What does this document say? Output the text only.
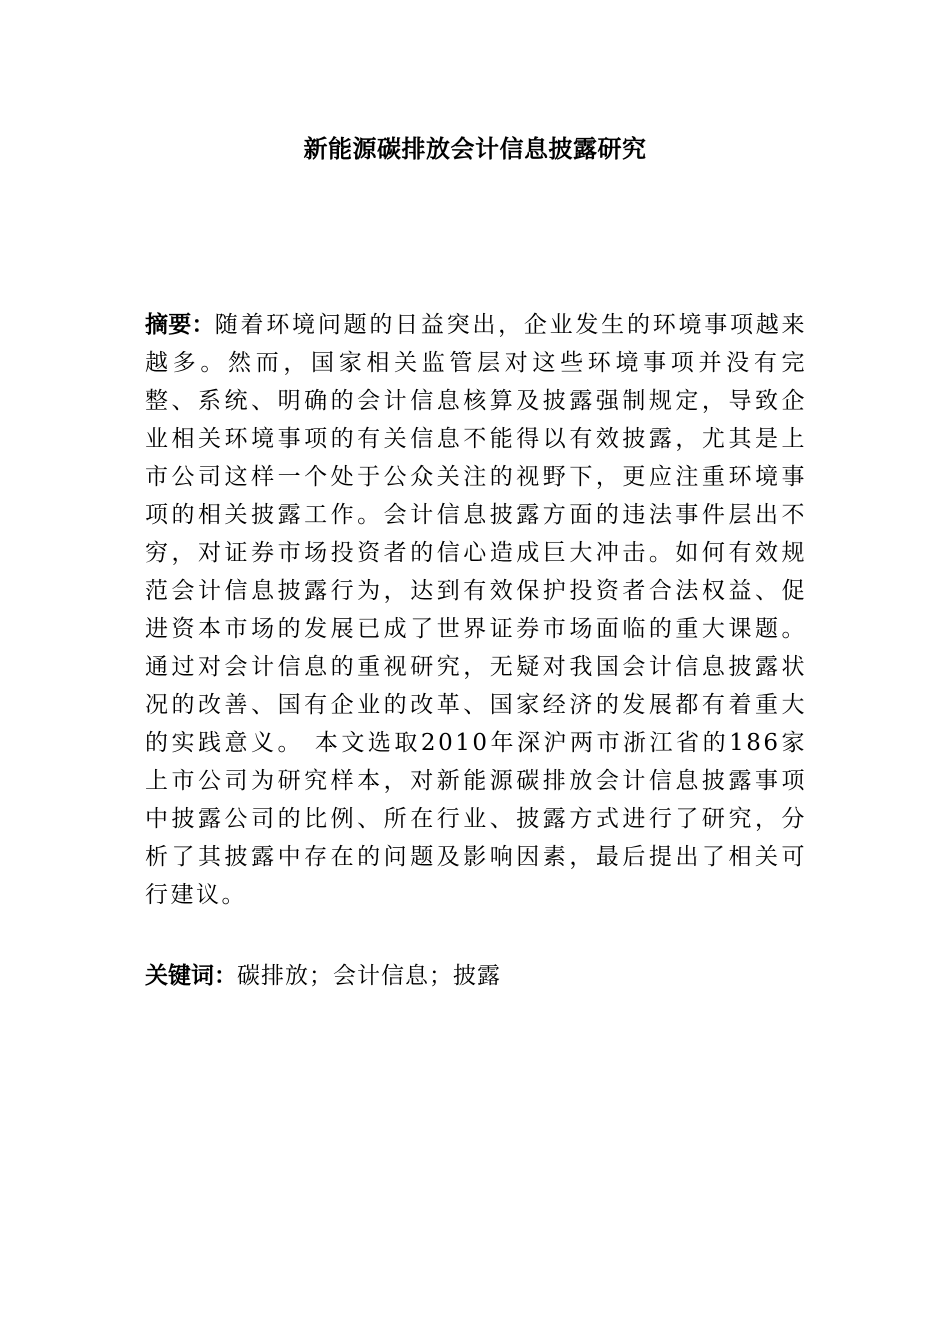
新能源碳排放会计信息披露研究
摘要：随着环境问题的日益突出，企业发生的环境事项越来越多。然而，国家相关监管层对这些环境事项并没有完整、系统、明确的会计信息核算及披露强制规定，导致企业相关环境事项的有关信息不能得以有效披露，尤其是上市公司这样一个处于公众关注的视野下，更应注重环境事项的相关披露工作。会计信息披露方面的违法事件层出不穷，对证券市场投资者的信心造成巨大冲击。如何有效规范会计信息披露行为，达到有效保护投资者合法权益、促进资本市场的发展已成了世界证券市场面临的重大课题。通过对会计信息的重视研究，无疑对我国会计信息披露状况的改善、国有企业的改革、国家经济的发展都有着重大的实践意义。 本文选取2010年深沪两市浙江省的186家上市公司为研究样本，对新能源碳排放会计信息披露事项中披露公司的比例、所在行业、披露方式进行了研究，分析了其披露中存在的问题及影响因素，最后提出了相关可行建议。
关键词：碳排放；会计信息；披露
